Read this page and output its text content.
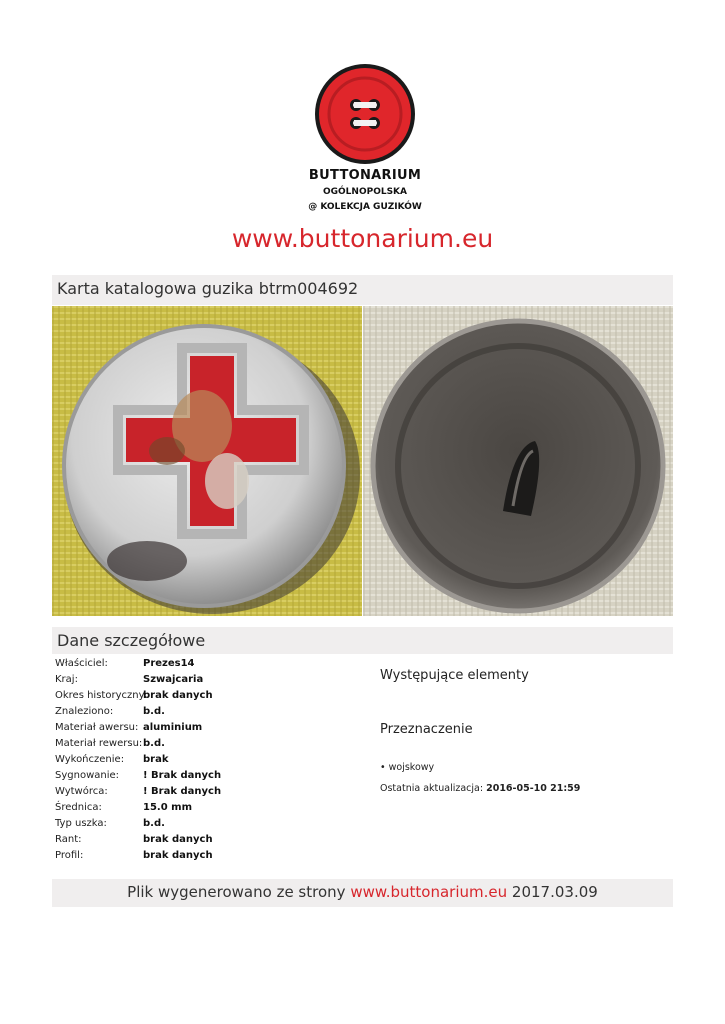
BUTTONARIUM
OGÓLNOPOLSKA
@ KOLEKCJA GUZIKÓW
www.buttonarium.eu
Karta katalogowa guzika btrm004692
Dane szczegółowe
Właściciel:	Prezes14
Kraj:	Szwajcaria
Okres historyczny:
brak danych
Znaleziono:	b.d.
Materiał awersu: aluminium
Materiał rewersu: b.d.
Wykończenie: brak
Sygnowanie: ! Brak danych
Wytwórca:	! Brak danych
Średnica:	15.0 mm
Typ uszka:	b.d.
Rant:	brak danych
Profil:	brak danych
Występujące elementy
Przeznaczenie
• wojskowy
Ostatnia aktualizacja: 2016-05-10 21:59
Plik wygenerowano ze strony www.buttonarium.eu 2017.03.09
